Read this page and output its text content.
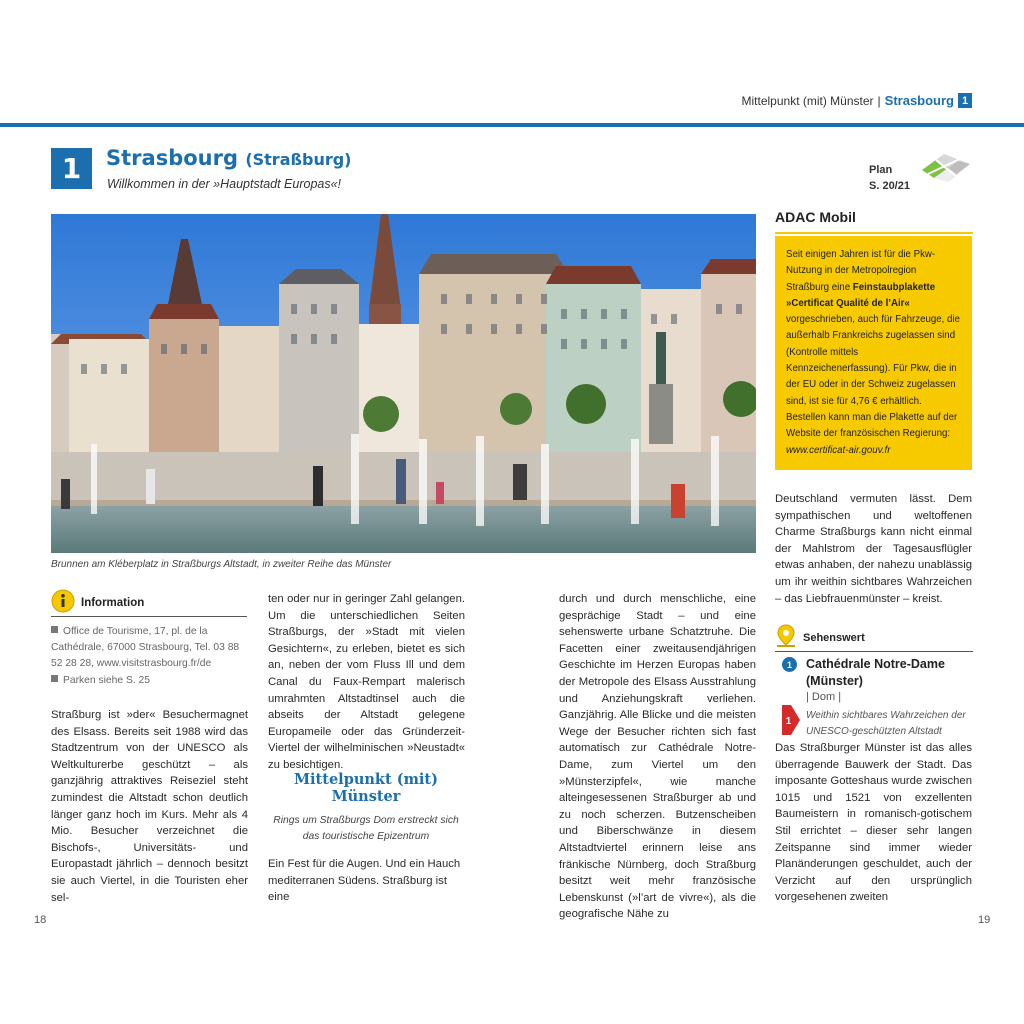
Mittelpunkt (mit) Münster | Strasbourg 1
1	Strasbourg (Straßburg)
Willkommen in der »Hauptstadt Europas«!
Plan
S. 20/21
Brunnen am Kléberplatz in Straßburgs Altstadt, in zweiter Reihe das Münster
Information
Office de Tourisme, 17, pl. de la Cathédrale, 67000 Strasbourg, Tel. 03 88 52 28 28, www.visitstrasbourg.fr/de
Parken siehe S. 25
Straßburg ist »der« Besuchermagnet des Elsass. Bereits seit 1988 wird das Stadtzentrum von der UNESCO als Weltkulturerbe geschützt – als ganzjährig attraktives Reiseziel steht zumindest die Altstadt schon deutlich länger ganz hoch im Kurs. Mehr als 4 Mio. Besucher verzeichnet die Bischofs-, Universitäts- und Europastadt jährlich – dennoch besitzt sie auch Viertel, in die Touristen eher sel-
ten oder nur in geringer Zahl gelangen. Um die unterschiedlichen Seiten Straßburgs, der »Stadt mit vielen Gesichtern«, zu erleben, bietet es sich an, neben der vom Fluss Ill und dem Canal du Faux-Rempart malerisch umrahmten Altstadtinsel auch die abseits der Altstadt gelegene Europameile oder das Gründerzeit-Viertel der wilhelminischen »Neustadt« zu besichtigen.
Mittelpunkt (mit) Münster
Rings um Straßburgs Dom erstreckt sich das touristische Epizentrum
Ein Fest für die Augen. Und ein Hauch mediterranen Südens. Straßburg ist eine
durch und durch menschliche, eine gesprächige Stadt – und eine sehenswerte urbane Schatztruhe. Die Facetten einer zweitausendjährigen Geschichte im Herzen Europas haben der Metropole des Elsass Ausstrahlung und Anziehungskraft verliehen. Ganzjährig. Alle Blicke und die meisten Wege der Besucher richten sich fast automatisch zur Cathédrale Notre-Dame, zum Viertel um den »Münsterzipfel«, wie manche alteingesessenen Straßburger ab und zu noch scherzen. Butzenscheiben und Biberschwänze in diesem Altstadtviertel erinnern leise ans fränkische Nürnberg, doch Straßburg besitzt weit mehr französische Lebenskunst (»l’art de vivre«), als die geografische Nähe zu
ADAC Mobil
Seit einigen Jahren ist für die Pkw-Nutzung in der Metropolregion Straßburg eine Feinstaubplakette »Certificat Qualité de l’Air« vorgeschrieben, auch für Fahrzeuge, die außerhalb Frankreichs zugelassen sind (Kontrolle mittels Kennzeichenerfassung). Für Pkw, die in der EU oder in der Schweiz zugelassen sind, ist sie für 4,76 € erhältlich. Bestellen kann man die Plakette auf der Website der französischen Regierung: www.certificat-air.gouv.fr
Deutschland vermuten lässt. Dem sympathischen und weltoffenen Charme Straßburgs kann nicht einmal der Mahlstrom der Tagesausflügler etwas anhaben, der nahezu unablässig um ihr weithin sichtbares Wahrzeichen – das Liebfrauenmünster – kreist.
Sehenswert
1	Cathédrale Notre-Dame (Münster)
| Dom |
1
Weithin sichtbares Wahrzeichen der UNESCO-geschützten Altstadt
Das Straßburger Münster ist das alles überragende Bauwerk der Stadt. Das imposante Gotteshaus wurde zwischen 1015 und 1521 von exzellenten Baumeistern in romanisch-gotischem Stil errichtet – dieser sehr langen Zeitspanne sind immer wieder Planänderungen geschuldet, auch der Verzicht auf den ursprünglich vorgesehenen zweiten
18	19
